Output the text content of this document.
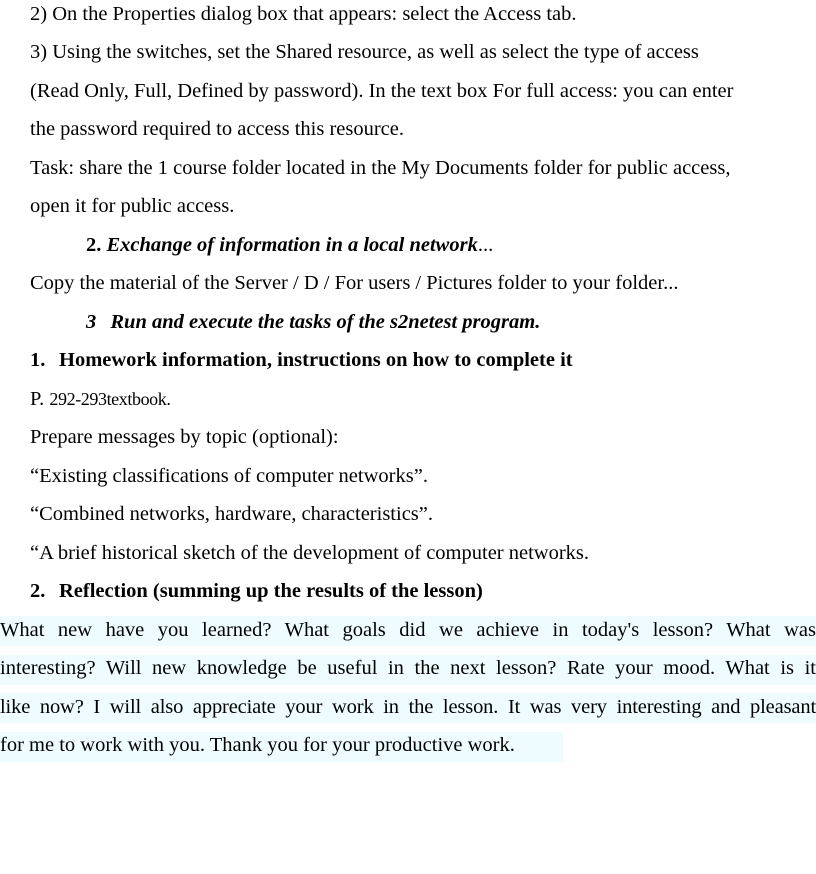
2) On the Properties dialog box that appears: select the Access tab.
3) Using the switches, set the Shared resource, as well as select the type of access
(Read Only, Full, Defined by password). In the text box For full access: you can enter
the password required to access this resource.
Task: share the 1 course folder located in the My Documents folder for public access,
open it for public access.
2. Exchange of information in a local network...
Copy the material of the Server / D / For users / Pictures folder to your folder...
3 Run and execute the tasks of the s2netest program.
1. Homework information, instructions on how to complete it
P. 292-293textbook.
Prepare messages by topic (optional):
“Existing classifications of computer networks”.
“Combined networks, hardware, characteristics”.
“A brief historical sketch of the development of computer networks.
2. Reflection (summing up the results of the lesson)
What new have you learned? What goals did we achieve in today's lesson? What was
interesting? Will new knowledge be useful in the next lesson? Rate your mood. What is it
like now? I will also appreciate your work in the lesson. It was very interesting and pleasant
for me to work with you. Thank you for your productive work.
